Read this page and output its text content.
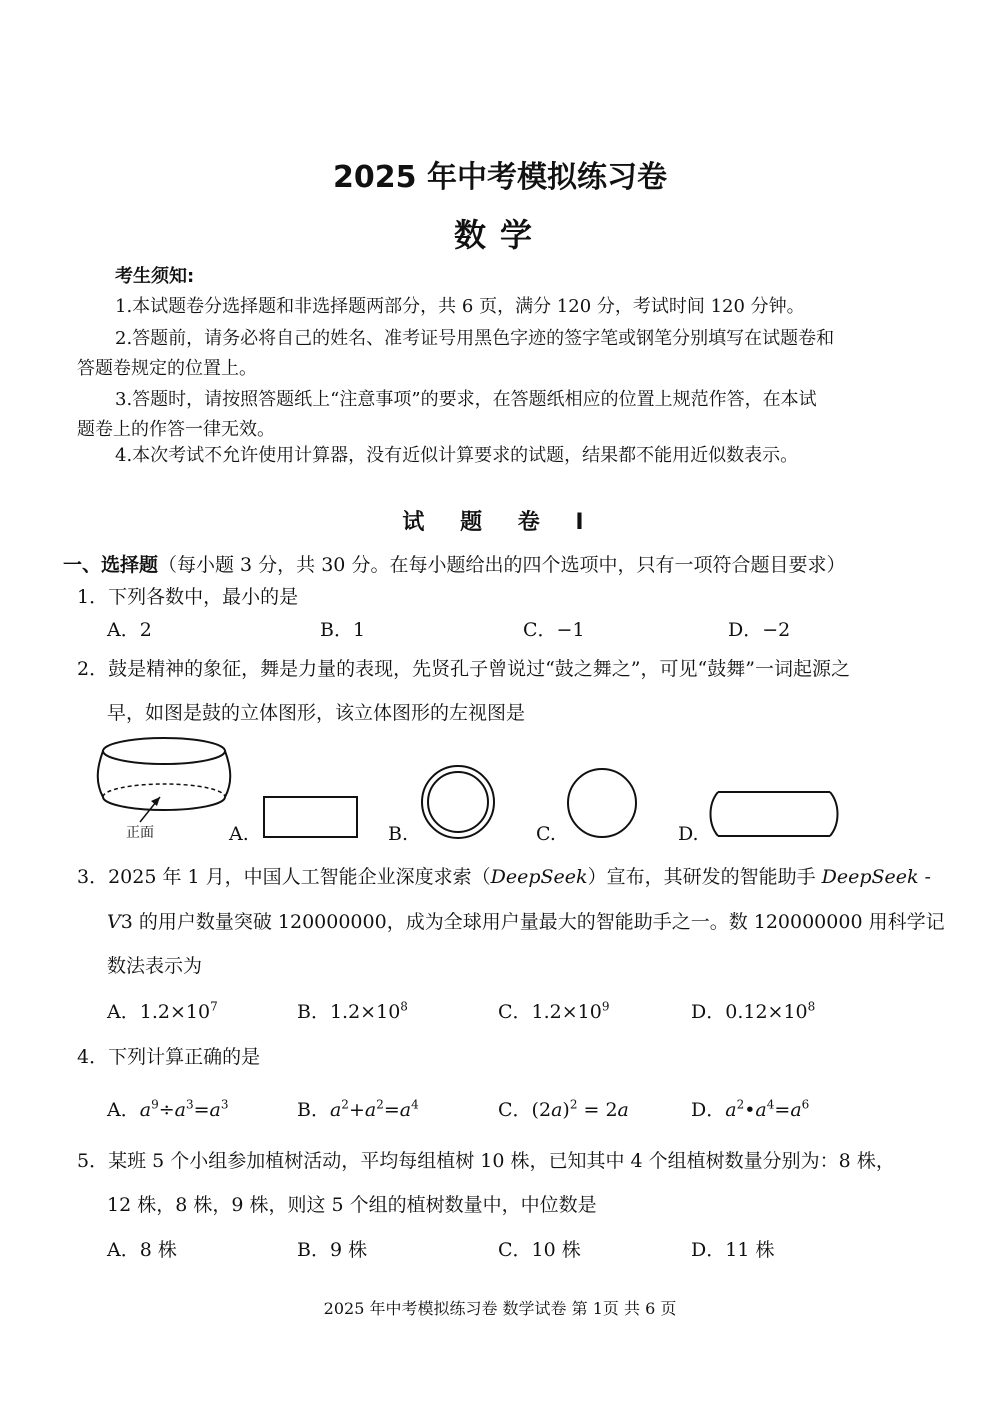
2025 年中考模拟练习卷
数学
考生须知:
1.本试题卷分选择题和非选择题两部分，共 6 页，满分 120 分，考试时间 120 分钟。
2.答题前，请务必将自己的姓名、准考证号用黑色字迹的签字笔或钢笔分别填写在试题卷和
答题卷规定的位置上。
3.答题时，请按照答题纸上“注意事项”的要求，在答题纸相应的位置上规范作答，在本试
题卷上的作答一律无效。
4.本次考试不允许使用计算器，没有近似计算要求的试题，结果都不能用近似数表示。
试 题 卷 I
一、选择题（每小题 3 分，共 30 分。在每小题给出的四个选项中，只有一项符合题目要求）
1．下列各数中，最小的是
A．2	B．1	C．−1	D．−2
2．鼓是精神的象征，舞是力量的表现，先贤孔子曾说过“鼓之舞之”，可见“鼓舞”一词起源之
早，如图是鼓的立体图形，该立体图形的左视图是
正面	A.	B.	C.	D.
3．2025 年 1 月，中国人工智能企业深度求索（DeepSeek）宣布，其研发的智能助手 DeepSeek -
V3 的用户数量突破 120000000，成为全球用户量最大的智能助手之一。数 120000000 用科学记
数法表示为
A．$1.2\times 10^7$	B．$1.2\times 10^8$	C．$1.2\times 10^9$	D．$0.12\times 10^8$
4．下列计算正确的是
A．$a^9\div a^3=a^3$	B．$a^2+a^2=a^4$	C．$(2a)^2 = 2a$	D．$a^2•a^4=a^6$
5．某班 5 个小组参加植树活动，平均每组植树 10 株，已知其中 4 个组植树数量分别为：8 株，
12 株，8 株，9 株，则这 5 个组的植树数量中，中位数是
A．8 株	B．9 株	C．10 株	D．11 株
2025 年中考模拟练习卷 数学试卷 第 1页 共 6 页
